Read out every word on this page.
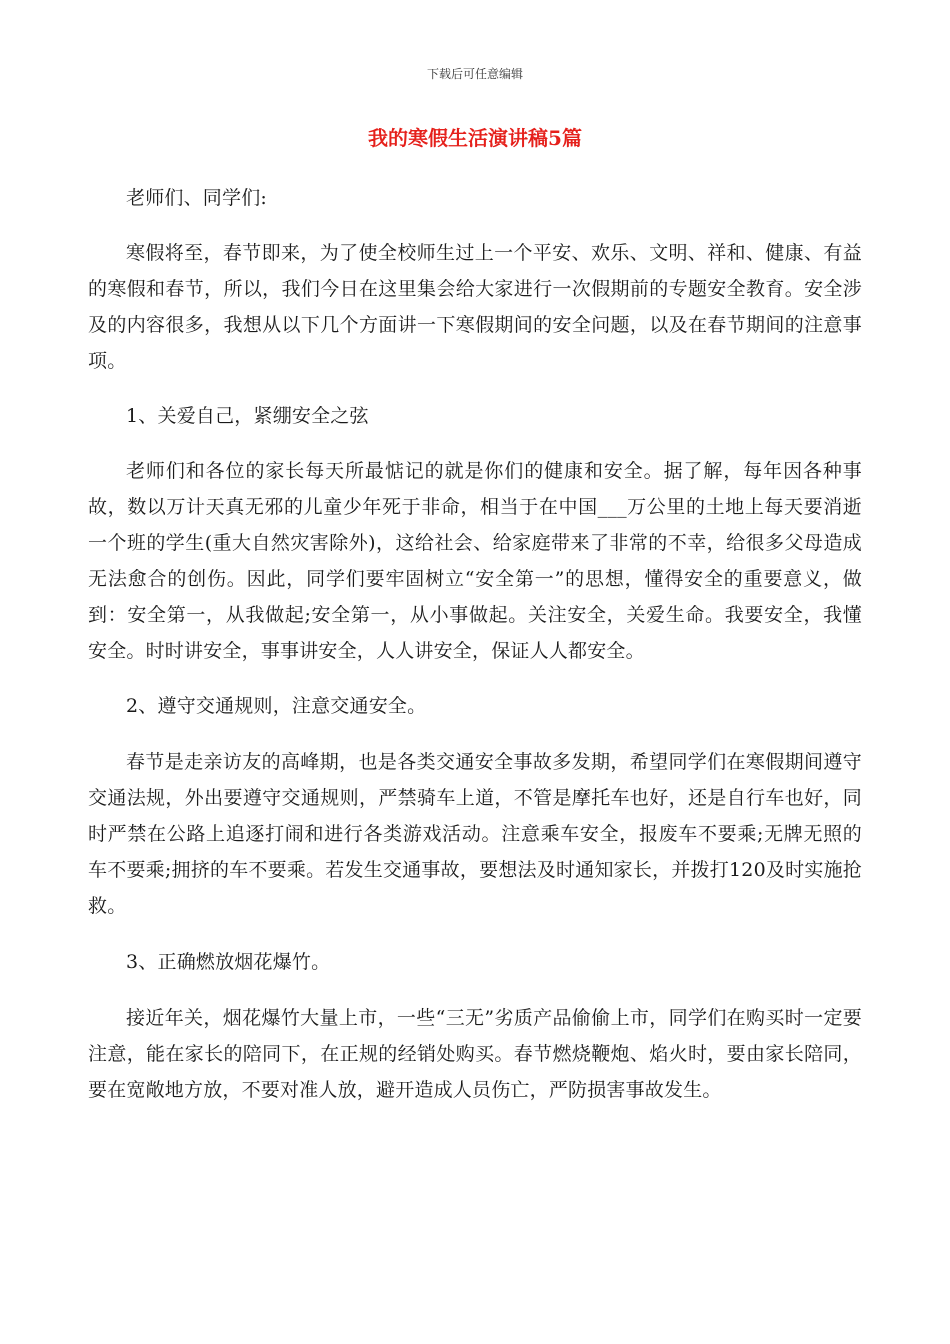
下载后可任意编辑
我的寒假生活演讲稿5篇

老师们、同学们:

寒假将至，春节即来，为了使全校师生过上一个平安、欢乐、文明、祥和、健康、有益的寒假和春节，所以，我们今日在这里集会给大家进行一次假期前的专题安全教育。安全涉及的内容很多，我想从以下几个方面讲一下寒假期间的安全问题，以及在春节期间的注意事项。

1、关爱自己，紧绷安全之弦

老师们和各位的家长每天所最惦记的就是你们的健康和安全。据了解，每年因各种事故，数以万计天真无邪的儿童少年死于非命，相当于在中国___万公里的土地上每天要消逝一个班的学生(重大自然灾害除外)，这给社会、给家庭带来了非常的不幸，给很多父母造成无法愈合的创伤。因此，同学们要牢固树立“安全第一”的思想，懂得安全的重要意义，做到：安全第一，从我做起;安全第一，从小事做起。关注安全，关爱生命。我要安全，我懂安全。时时讲安全，事事讲安全，人人讲安全，保证人人都安全。

2、遵守交通规则，注意交通安全。

春节是走亲访友的高峰期，也是各类交通安全事故多发期，希望同学们在寒假期间遵守交通法规，外出要遵守交通规则，严禁骑车上道，不管是摩托车也好，还是自行车也好，同时严禁在公路上追逐打闹和进行各类游戏活动。注意乘车安全，报废车不要乘;无牌无照的车不要乘;拥挤的车不要乘。若发生交通事故，要想法及时通知家长，并拨打120及时实施抢救。

3、正确燃放烟花爆竹。

接近年关，烟花爆竹大量上市，一些“三无”劣质产品偷偷上市，同学们在购买时一定要注意，能在家长的陪同下，在正规的经销处购买。春节燃烧鞭炮、焰火时，要由家长陪同，要在宽敞地方放，不要对准人放，避开造成人员伤亡，严防损害事故发生。
